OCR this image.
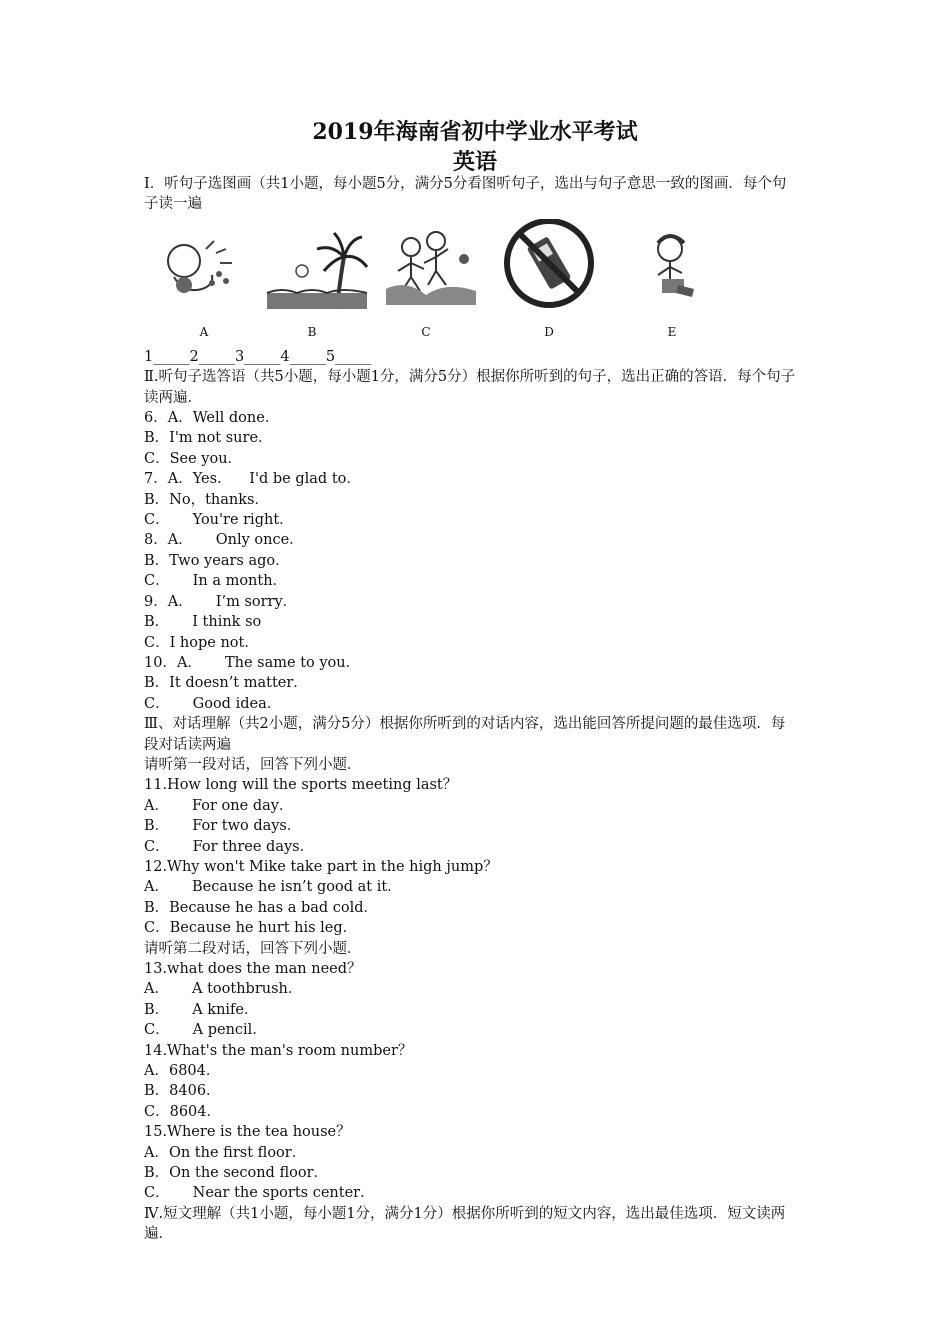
2019年海南省初中学业水平考试
英语
I．听句子选图画（共1小题，每小题5分，满分5分看图听句子，选出与句子意思一致的图画．每个句子读一遍
A	B	C	D	E
1_____2_____3_____4_____5_____
Ⅱ.听句子选答语（共5小题，每小题1分，满分5分）根据你所听到的句子，选出正确的答语．每个句子读两遍．
6．A．Well done．
B．I'm not sure．
C．See you．
7．A．Yes.      I'd be glad to．
B．No，thanks．
C．     You're right．
8．A．     Only once．
B．Two years ago．
C．     In a month．
9．A．     I’m sorry．
B．     I think so
C．I hope not．
10．A．     The same to you．
B．It doesn’t matter．
C．     Good idea．
Ⅲ、对话理解（共2小题，满分5分）根据你所听到的对话内容，选出能回答所提问题的最佳选项．每段对话读两遍
请听第一段对话，回答下列小题．
11.How long will the sports meeting last？
A．     For one day．
B．     For two days．
C．     For three days．
12.Why won't Mike take part in the high jump？
A．     Because he isn’t good at it．
B．Because he has a bad cold．
C．Because he hurt his leg．
请听第二段对话，回答下列小题．
13.what does the man need？
A．     A toothbrush．
B．     A knife．
C．     A pencil．
14.What's the man's room number？
A．6804．
B．8406．
C．8604．
15.Where is the tea house？
A．On the first floor．
B．On the second floor．
C．     Near the sports center．
Ⅳ.短文理解（共1小题，每小题1分，满分1分）根据你所听到的短文内容，选出最佳选项．短文读两遍．
